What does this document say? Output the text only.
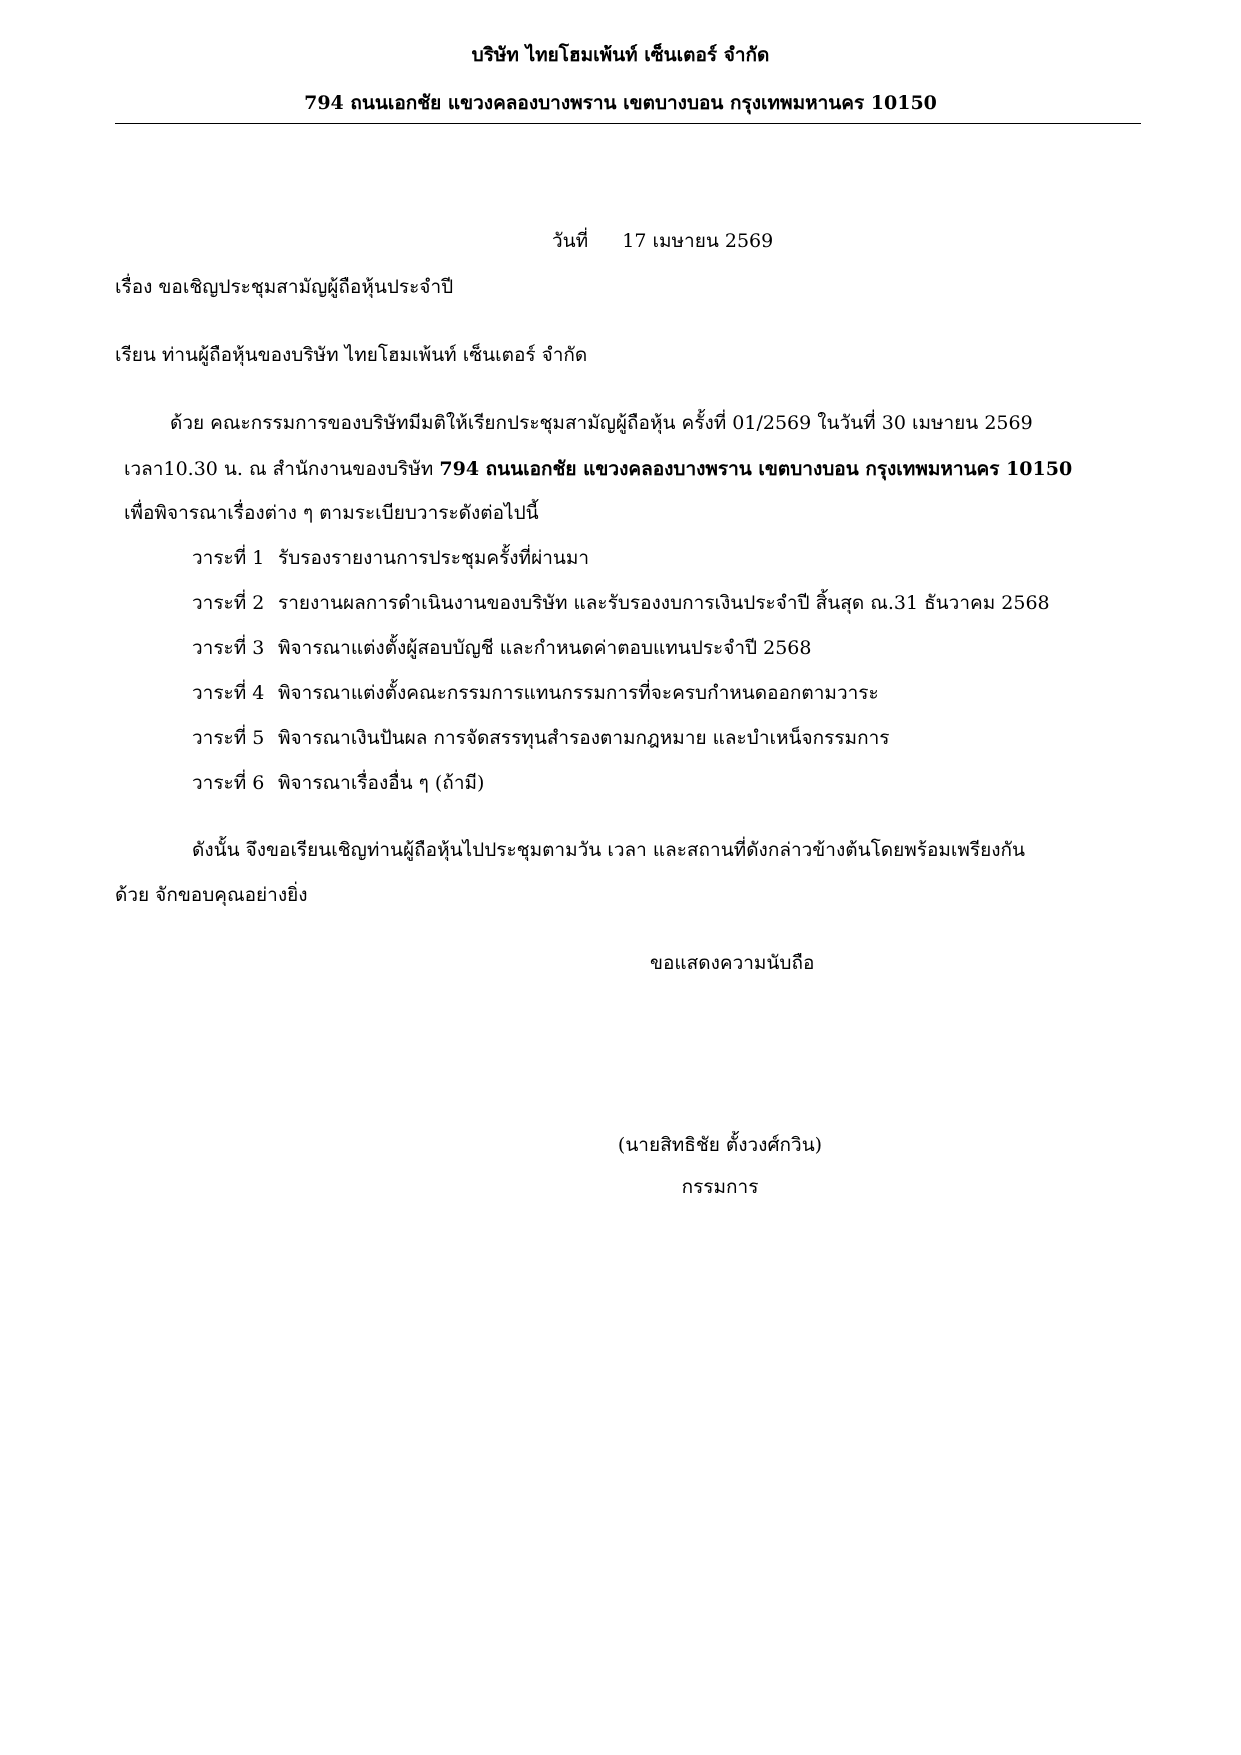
บริษัท ไทยโฮมเพ้นท์ เซ็นเตอร์ จำกัด
794 ถนนเอกชัย แขวงคลองบางพราน เขตบางบอน กรุงเทพมหานคร 10150
วันที่ 17 เมษายน 2569
เรื่อง ขอเชิญประชุมสามัญผู้ถือหุ้นประจำปี
เรียน ท่านผู้ถือหุ้นของบริษัท ไทยโฮมเพ้นท์ เซ็นเตอร์ จำกัด
ด้วย คณะกรรมการของบริษัทมีมติให้เรียกประชุมสามัญผู้ถือหุ้น ครั้งที่ 01/2569 ในวันที่ 30 เมษายน 2569
เวลา10.30 น. ณ สำนักงานของบริษัท 794 ถนนเอกชัย แขวงคลองบางพราน เขตบางบอน กรุงเทพมหานคร 10150
เพื่อพิจารณาเรื่องต่าง ๆ ตามระเบียบวาระดังต่อไปนี้
วาระที่ 1 รับรองรายงานการประชุมครั้งที่ผ่านมา
วาระที่ 2 รายงานผลการดำเนินงานของบริษัท และรับรองงบการเงินประจำปี สิ้นสุด ณ.31 ธันวาคม 2568
วาระที่ 3 พิจารณาแต่งตั้งผู้สอบบัญชี และกำหนดค่าตอบแทนประจำปี 2568
วาระที่ 4 พิจารณาแต่งตั้งคณะกรรมการแทนกรรมการที่จะครบกำหนดออกตามวาระ
วาระที่ 5 พิจารณาเงินปันผล การจัดสรรทุนสำรองตามกฎหมาย และบำเหน็จกรรมการ
วาระที่ 6 พิจารณาเรื่องอื่น ๆ (ถ้ามี)
ดังนั้น จึงขอเรียนเชิญท่านผู้ถือหุ้นไปประชุมตามวัน เวลา และสถานที่ดังกล่าวข้างต้นโดยพร้อมเพรียงกัน
ด้วย จักขอบคุณอย่างยิ่ง
ขอแสดงความนับถือ
(นายสิทธิชัย ตั้งวงศ์กวิน)
กรรมการ
